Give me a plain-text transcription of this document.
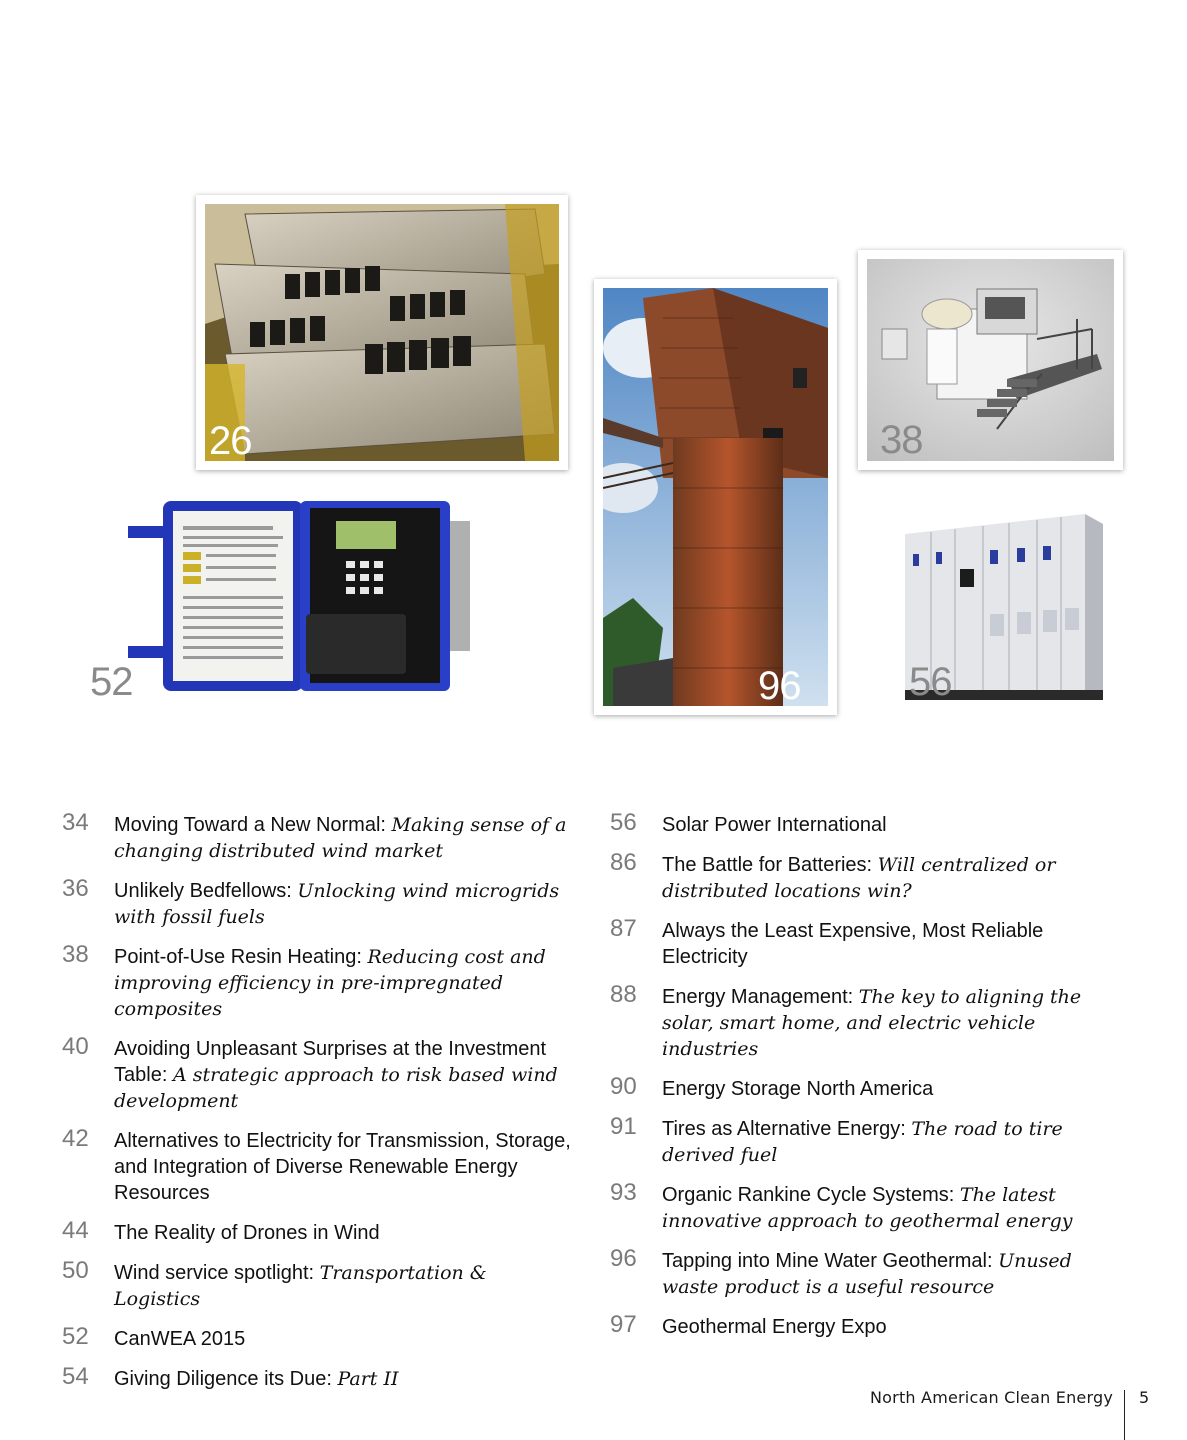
26	38
96
52	56
34	Moving Toward a New Normal: Making sense of a changing distributed wind market
36	Unlikely Bedfellows: Unlocking wind microgrids with fossil fuels
38	Point-of-Use Resin Heating: Reducing cost and improving efficiency in pre-impregnated composites
40	Avoiding Unpleasant Surprises at the Investment Table: A strategic approach to risk based wind development
42	Alternatives to Electricity for Transmission, Storage, and Integration of Diverse Renewable Energy Resources
44	The Reality of Drones in Wind
50	Wind service spotlight: Transportation & Logistics
52	CanWEA 2015
54	Giving Diligence its Due: Part II
56	Solar Power International
86	The Battle for Batteries: Will centralized or distributed locations win?
87	Always the Least Expensive, Most Reliable Electricity
88	Energy Management: The key to aligning the solar, smart home, and electric vehicle industries
90	Energy Storage North America
91	Tires as Alternative Energy: The road to tire derived fuel
93	Organic Rankine Cycle Systems: The latest innovative approach to geothermal energy
96	Tapping into Mine Water Geothermal: Unused waste product is a useful resource
97	Geothermal Energy Expo
North American Clean Energy 5
